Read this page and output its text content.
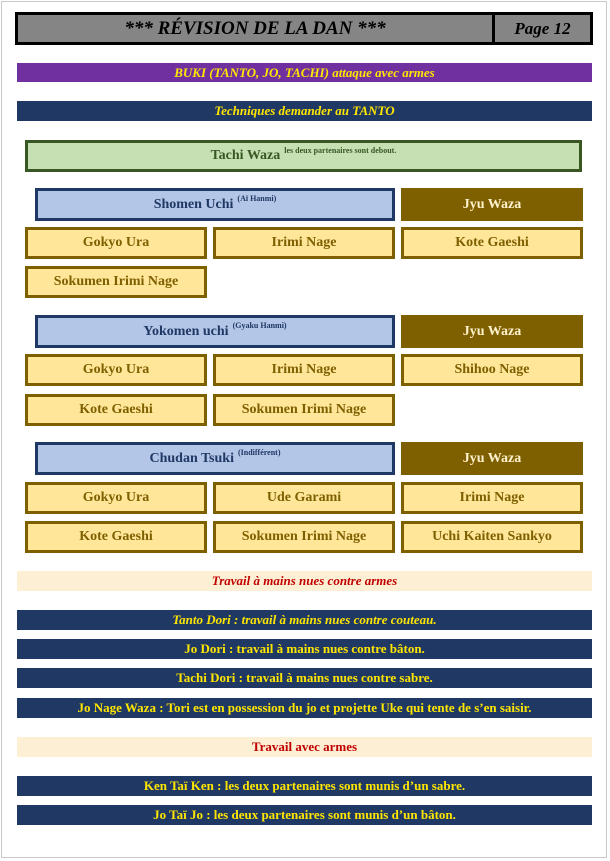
*** RÉVISION DE LA DAN ***	Page 12
BUKI (TANTO, JO, TACHI) attaque avec armes
Techniques demander au TANTO
Tachi Waza $^{les deux partenaires sont debout.}$
Shomen Uchi $^{(Aï Hanmi)}$	Jyu Waza
Gokyo Ura	Irimi Nage	Kote Gaeshi
Sokumen Irimi Nage
Yokomen uchi $^{(Gyaku Hanmi)}$	Jyu Waza
Gokyo Ura	Irimi Nage	Shihoo Nage
Kote Gaeshi	Sokumen Irimi Nage
Chudan Tsuki $^{(Indifférent)}$	Jyu Waza
Gokyo Ura	Ude Garami	Irimi Nage
Kote Gaeshi	Sokumen Irimi Nage	Uchi Kaiten Sankyo
Travail à mains nues contre armes
Tanto Dori : travail à mains nues contre couteau.
Jo Dori : travail à mains nues contre bâton.
Tachi Dori : travail à mains nues contre sabre.
Jo Nage Waza : Tori est en possession du jo et projette Uke qui tente de s’en saisir.
Travail avec armes
Ken Taï Ken : les deux partenaires sont munis d’un sabre.
Jo Taï Jo : les deux partenaires sont munis d’un bâton.
